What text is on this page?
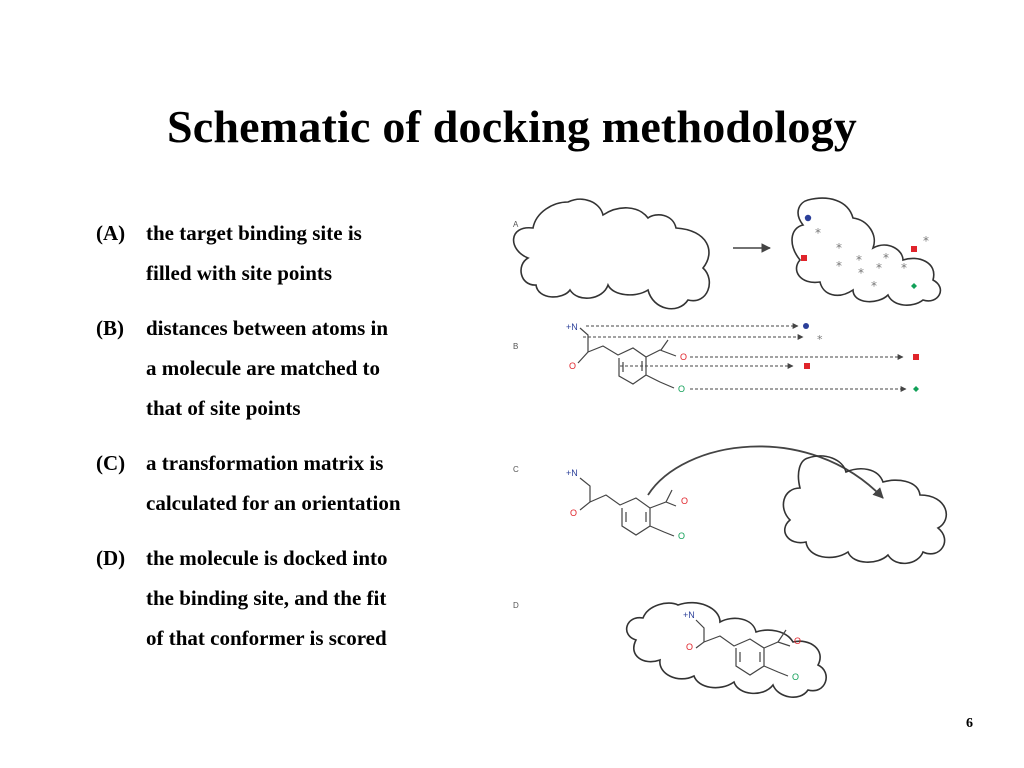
Schematic of docking methodology
(A) the target binding site is
filled with site points
(B)	distances between atoms in
a molecule are matched to
that of site points
(C) a transformation matrix is
calculated for an orientation
(D) the molecule is docked into
the binding site, and the fit
of that conformer is scored
A
*
*
* *
* *
*
*
*
*
B
+N
O
O
O
*
C	+N
O
O
O
D
+N
O
O
O
6
